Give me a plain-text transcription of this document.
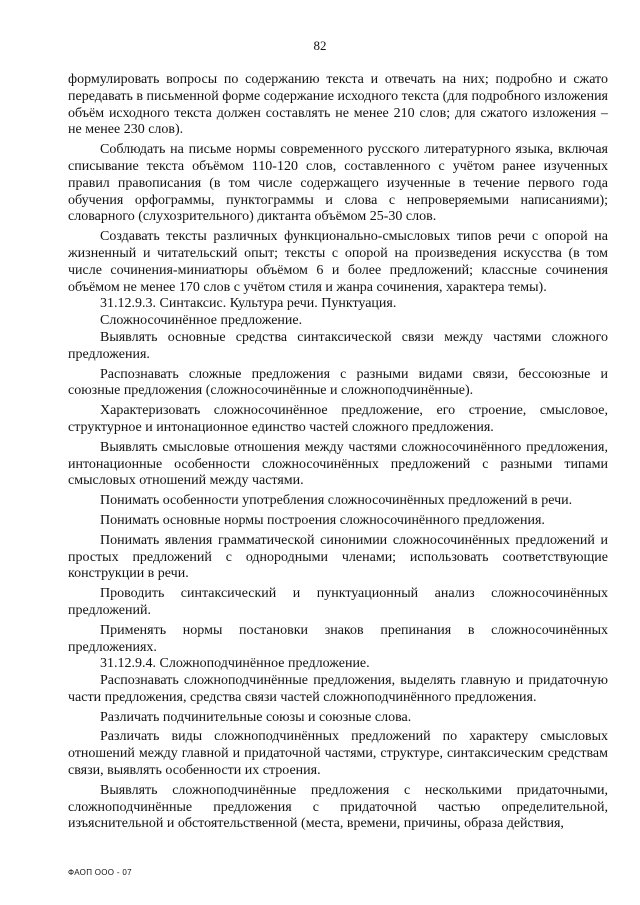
82

формулировать вопросы по содержанию текста и отвечать на них; подробно и сжато передавать в письменной форме содержание исходного текста (для подробного изложения объём исходного текста должен составлять не менее 210 слов; для сжатого изложения – не менее 230 слов).

Соблюдать на письме нормы современного русского литературного языка, включая списывание текста объёмом 110-120 слов, составленного с учётом ранее изученных правил правописания (в том числе содержащего изученные в течение первого года обучения орфограммы, пунктограммы и слова с непроверяемыми написаниями); словарного (слухозрительного) диктанта объёмом 25-30 слов.

Создавать тексты различных функционально-смысловых типов речи с опорой на жизненный и читательский опыт; тексты с опорой на произведения искусства (в том числе сочинения-миниатюры объёмом 6 и более предложений; классные сочинения объёмом не менее 170 слов с учётом стиля и жанра сочинения, характера темы).

31.12.9.3. Синтаксис. Культура речи. Пунктуация.

Сложносочинённое предложение.

Выявлять основные средства синтаксической связи между частями сложного предложения.

Распознавать сложные предложения с разными видами связи, бессоюзные и союзные предложения (сложносочинённые и сложноподчинённые).

Характеризовать сложносочинённое предложение, его строение, смысловое, структурное и интонационное единство частей сложного предложения.

Выявлять смысловые отношения между частями сложносочинённого предложения, интонационные особенности сложносочинённых предложений с разными типами смысловых отношений между частями.

Понимать особенности употребления сложносочинённых предложений в речи.

Понимать основные нормы построения сложносочинённого предложения.

Понимать явления грамматической синонимии сложносочинённых предложений и простых предложений с однородными членами; использовать соответствующие конструкции в речи.

Проводить синтаксический и пунктуационный анализ сложносочинённых предложений.

Применять нормы постановки знаков препинания в сложносочинённых предложениях.

31.12.9.4. Сложноподчинённое предложение.

Распознавать сложноподчинённые предложения, выделять главную и придаточную части предложения, средства связи частей сложноподчинённого предложения.

Различать подчинительные союзы и союзные слова.

Различать виды сложноподчинённых предложений по характеру смысловых отношений между главной и придаточной частями, структуре, синтаксическим средствам связи, выявлять особенности их строения.

Выявлять сложноподчинённые предложения с несколькими придаточными, сложноподчинённые предложения с придаточной частью определительной, изъяснительной и обстоятельственной (места, времени, причины, образа действия,

ФАОП ООО - 07
